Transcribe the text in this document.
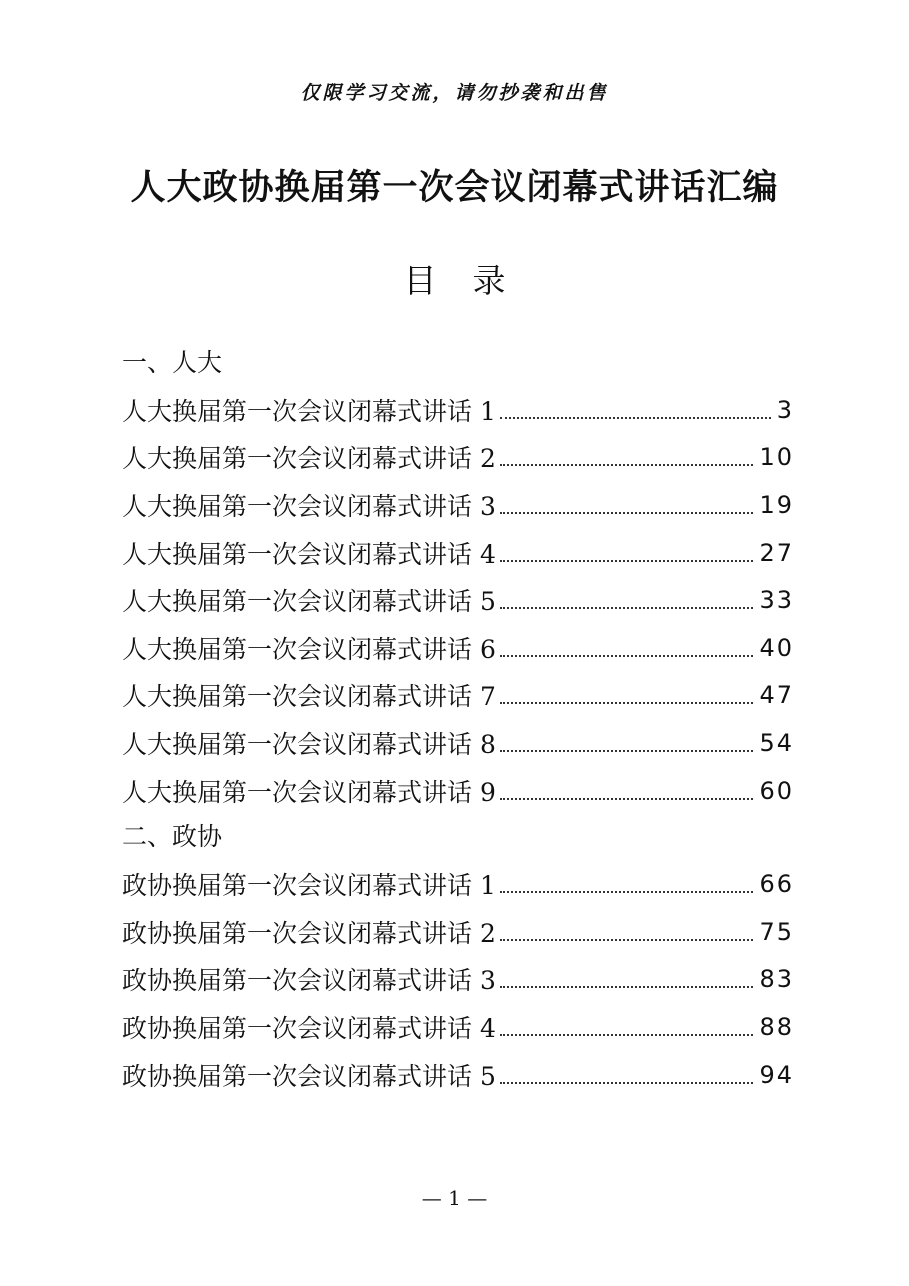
仅限学习交流，请勿抄袭和出售
人大政协换届第一次会议闭幕式讲话汇编
目 录
一、人大
人大换届第一次会议闭幕式讲话 1	3
人大换届第一次会议闭幕式讲话 2	10
人大换届第一次会议闭幕式讲话 3	19
人大换届第一次会议闭幕式讲话 4	27
人大换届第一次会议闭幕式讲话 5	33
人大换届第一次会议闭幕式讲话 6	40
人大换届第一次会议闭幕式讲话 7	47
人大换届第一次会议闭幕式讲话 8	54
人大换届第一次会议闭幕式讲话 9	60
二、政协
政协换届第一次会议闭幕式讲话 1	66
政协换届第一次会议闭幕式讲话 2	75
政协换届第一次会议闭幕式讲话 3	83
政协换届第一次会议闭幕式讲话 4	88
政协换届第一次会议闭幕式讲话 5	94
— 1 —
